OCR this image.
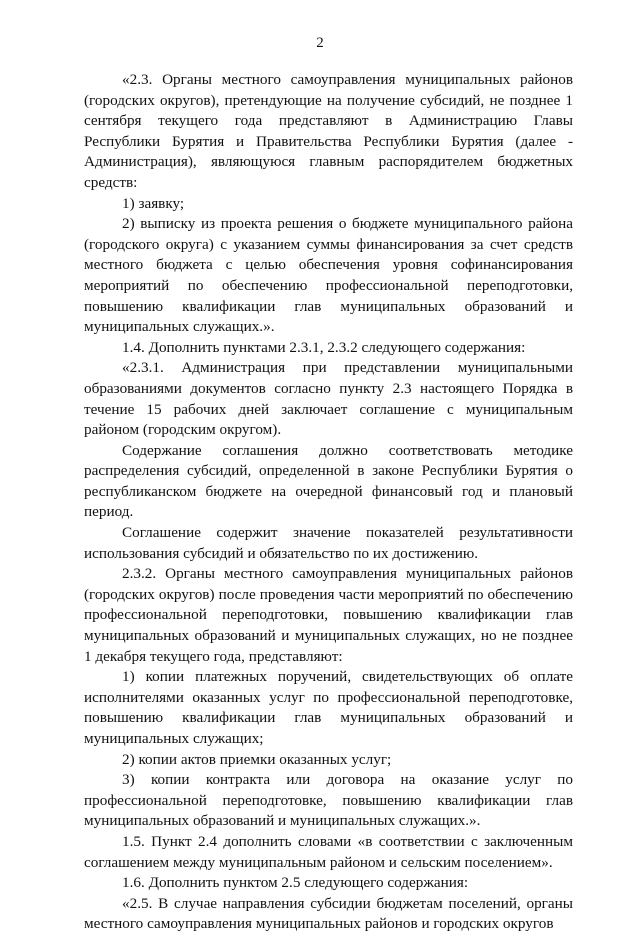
2

«2.3. Органы местного самоуправления муниципальных районов (городских округов), претендующие на получение субсидий, не позднее 1 сентября текущего года представляют в Администрацию Главы Республики Бурятия и Правительства Республики Бурятия (далее - Администрация), являющуюся главным распорядителем бюджетных средств:

1) заявку;

2) выписку из проекта решения о бюджете муниципального района (городского округа) с указанием суммы финансирования за счет средств местного бюджета с целью обеспечения уровня софинансирования мероприятий по обеспечению профессиональной переподготовки, повышению квалификации глав муниципальных образований и муниципальных служащих.».

1.4. Дополнить пунктами 2.3.1, 2.3.2 следующего содержания:

«2.3.1. Администрация при представлении муниципальными образованиями документов согласно пункту 2.3 настоящего Порядка в течение 15 рабочих дней заключает соглашение с муниципальным районом (городским округом).

Содержание соглашения должно соответствовать методике распределения субсидий, определенной в законе Республики Бурятия о республиканском бюджете на очередной финансовый год и плановый период.

Соглашение содержит значение показателей результативности использования субсидий и обязательство по их достижению.

2.3.2. Органы местного самоуправления муниципальных районов (городских округов) после проведения части мероприятий по обеспечению профессиональной переподготовки, повышению квалификации глав муниципальных образований и муниципальных служащих, но не позднее 1 декабря текущего года, представляют:

1) копии платежных поручений, свидетельствующих об оплате исполнителями оказанных услуг по профессиональной переподготовке, повышению квалификации глав муниципальных образований и муниципальных служащих;

2) копии актов приемки оказанных услуг;

3) копии контракта или договора на оказание услуг по профессиональной переподготовке, повышению квалификации глав муниципальных образований и муниципальных служащих.».

1.5. Пункт 2.4 дополнить словами «в соответствии с заключенным соглашением между муниципальным районом и сельским поселением».

1.6. Дополнить пунктом 2.5 следующего содержания:

«2.5. В случае направления субсидии бюджетам поселений, органы местного самоуправления муниципальных районов и городских округов
